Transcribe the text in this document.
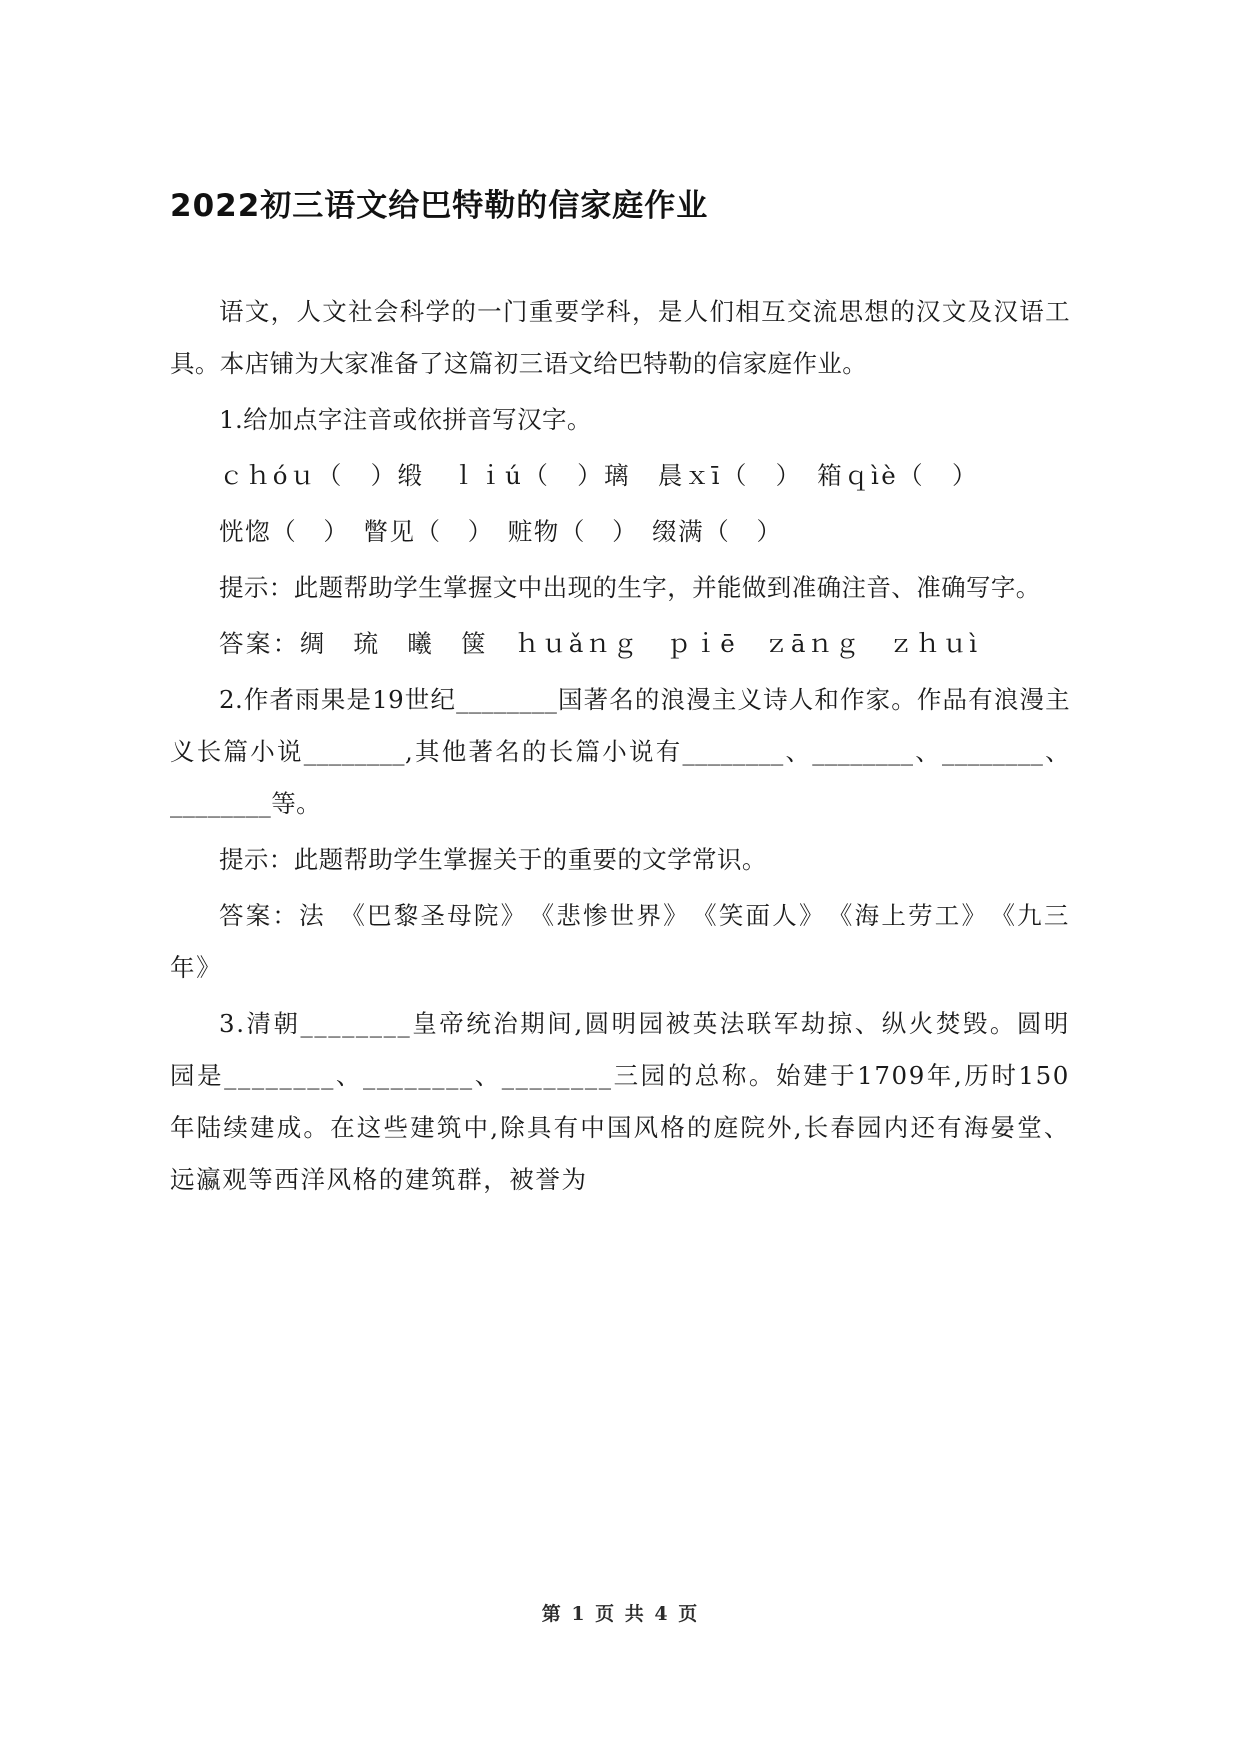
2022初三语文给巴特勒的信家庭作业

语文，人文社会科学的一门重要学科，是人们相互交流思想的汉文及汉语工具。本店铺为大家准备了这篇初三语文给巴特勒的信家庭作业。

1.给加点字注音或依拼音写汉字。

ｃｈóｕ（　）缎　ｌｉú（　）璃　晨ｘī（　）　箱ｑìè（　）

恍惚（　）　瞥见（　）　赃物（　）　缀满（　）

提示：此题帮助学生掌握文中出现的生字，并能做到准确注音、准确写字。

答案：绸　琉　曦　箧　ｈｕǎｎｇ　ｐｉē　ｚāｎｇ　ｚｈｕì

2.作者雨果是19世纪________国著名的浪漫主义诗人和作家。作品有浪漫主义长篇小说________,其他著名的长篇小说有________、________、________、________等。

提示：此题帮助学生掌握关于的重要的文学常识。

答案：法　《巴黎圣母院》　《悲惨世界》　《笑面人》　《海上劳工》　《九三年》

3.清朝________皇帝统治期间,圆明园被英法联军劫掠、纵火焚毁。圆明园是________、________、________三园的总称。始建于1709年,历时150年陆续建成。在这些建筑中,除具有中国风格的庭院外,长春园内还有海晏堂、远瀛观等西洋风格的建筑群，被誉为

第 1 页 共 4 页
